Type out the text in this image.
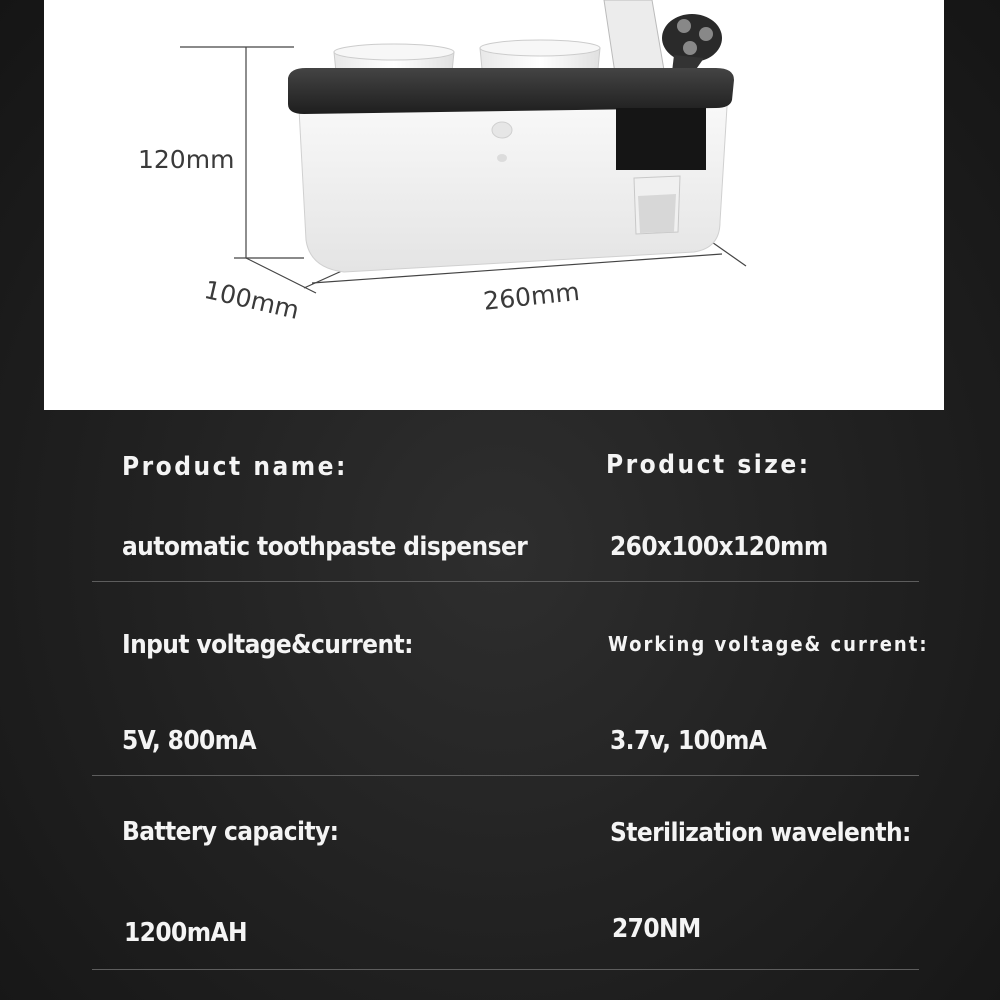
120mm
100mm	260mm
Product name:	Product size:
automatic toothpaste dispenser	260x100x120mm
Input voltage&current:	Working voltage& current:
5V, 800mA	3.7v, 100mA
Battery capacity:	Sterilization wavelenth:
1200mAH	270NM
